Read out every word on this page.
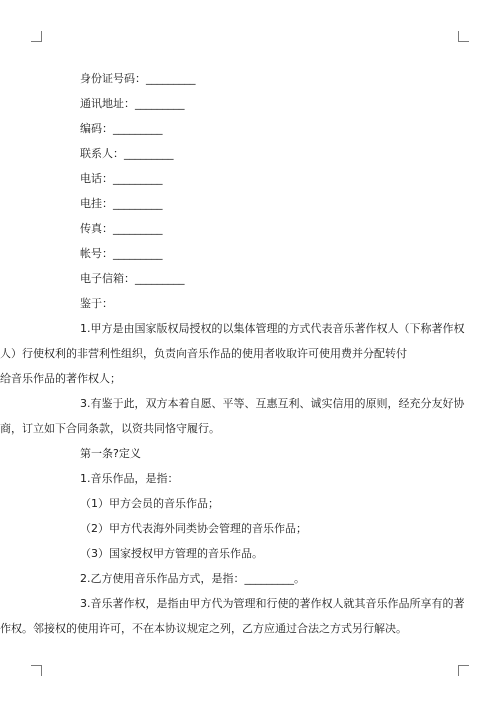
身份证号码：_________
通讯地址：_________
编码：_________
联系人：_________
电话：_________
电挂：_________
传真：_________
帐号：_________
电子信箱：_________
鉴于：
1.甲方是由国家版权局授权的以集体管理的方式代表音乐著作权人（下称著作权
人）行使权利的非营利性组织，负责向音乐作品的使用者收取许可使用费并分配转付
给音乐作品的著作权人；
3.有鉴于此，双方本着自愿、平等、互惠互利、诚实信用的原则，经充分友好协
商，订立如下合同条款，以资共同恪守履行。
第一条?定义
1.音乐作品，是指：
（1）甲方会员的音乐作品；
（2）甲方代表海外同类协会管理的音乐作品；
（3）国家授权甲方管理的音乐作品。
2.乙方使用音乐作品方式，是指：_________。
3.音乐著作权，是指由甲方代为管理和行使的著作权人就其音乐作品所享有的著
作权。邻接权的使用许可，不在本协议规定之列，乙方应通过合法之方式另行解决。
